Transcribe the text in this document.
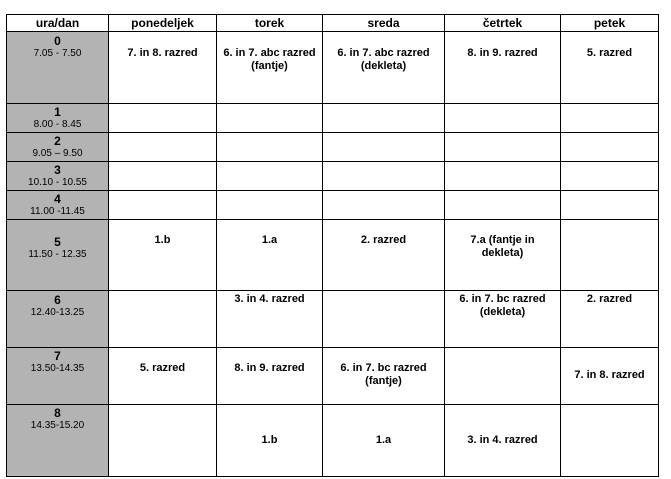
ura/dan	ponedeljek	torek	sreda	četrtek	petek

0
7.05 - 7.50	7. in 8. razred	6. in 7. abc razred (fantje)	6. in 7. abc razred (dekleta)	8. in 9. razred	5. razred

1
8.00 - 8.45					

2
9.05 – 9.50					

3
10.10 - 10.55					

4
11.00 -11.45					

5
11.50 - 12.35	1.b	1.a	2. razred	7.a (fantje in dekleta)	

6
12.40-13.25		3. in 4. razred		6. in 7. bc razred (dekleta)	2. razred

7
13.50-14.35	5. razred	8. in 9. razred	6. in 7. bc razred (fantje)		7. in 8. razred

8
14.35-15.20		1.b	1.a	3. in 4. razred	
